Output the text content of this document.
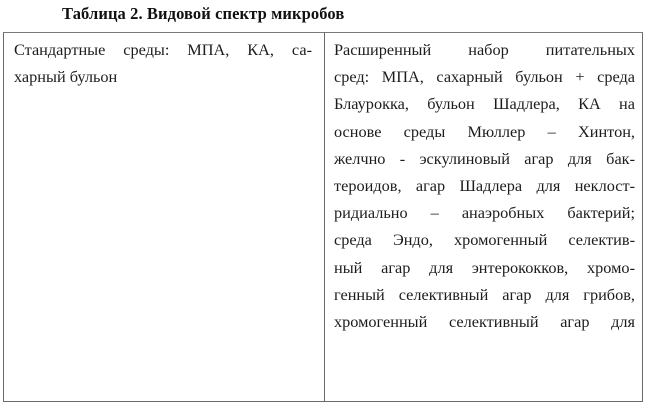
Таблица 2. Видовой спектр микробов
Стандартные среды: МПА, КА, са-
харный бульон
Расширенный набор питательных
сред: МПА, сахарный бульон + среда
Блаурокка, бульон Шадлера, КА на
основе среды Мюллер – Хинтон,
желчно - эскулиновый агар для бак-
тероидов, агар Шадлера для неклост-
ридиально – анаэробных бактерий;
среда Эндо, хромогенный селектив-
ный агар для энтерококков, хромо-
генный селективный агар для грибов,
хромогенный селективный агар для
